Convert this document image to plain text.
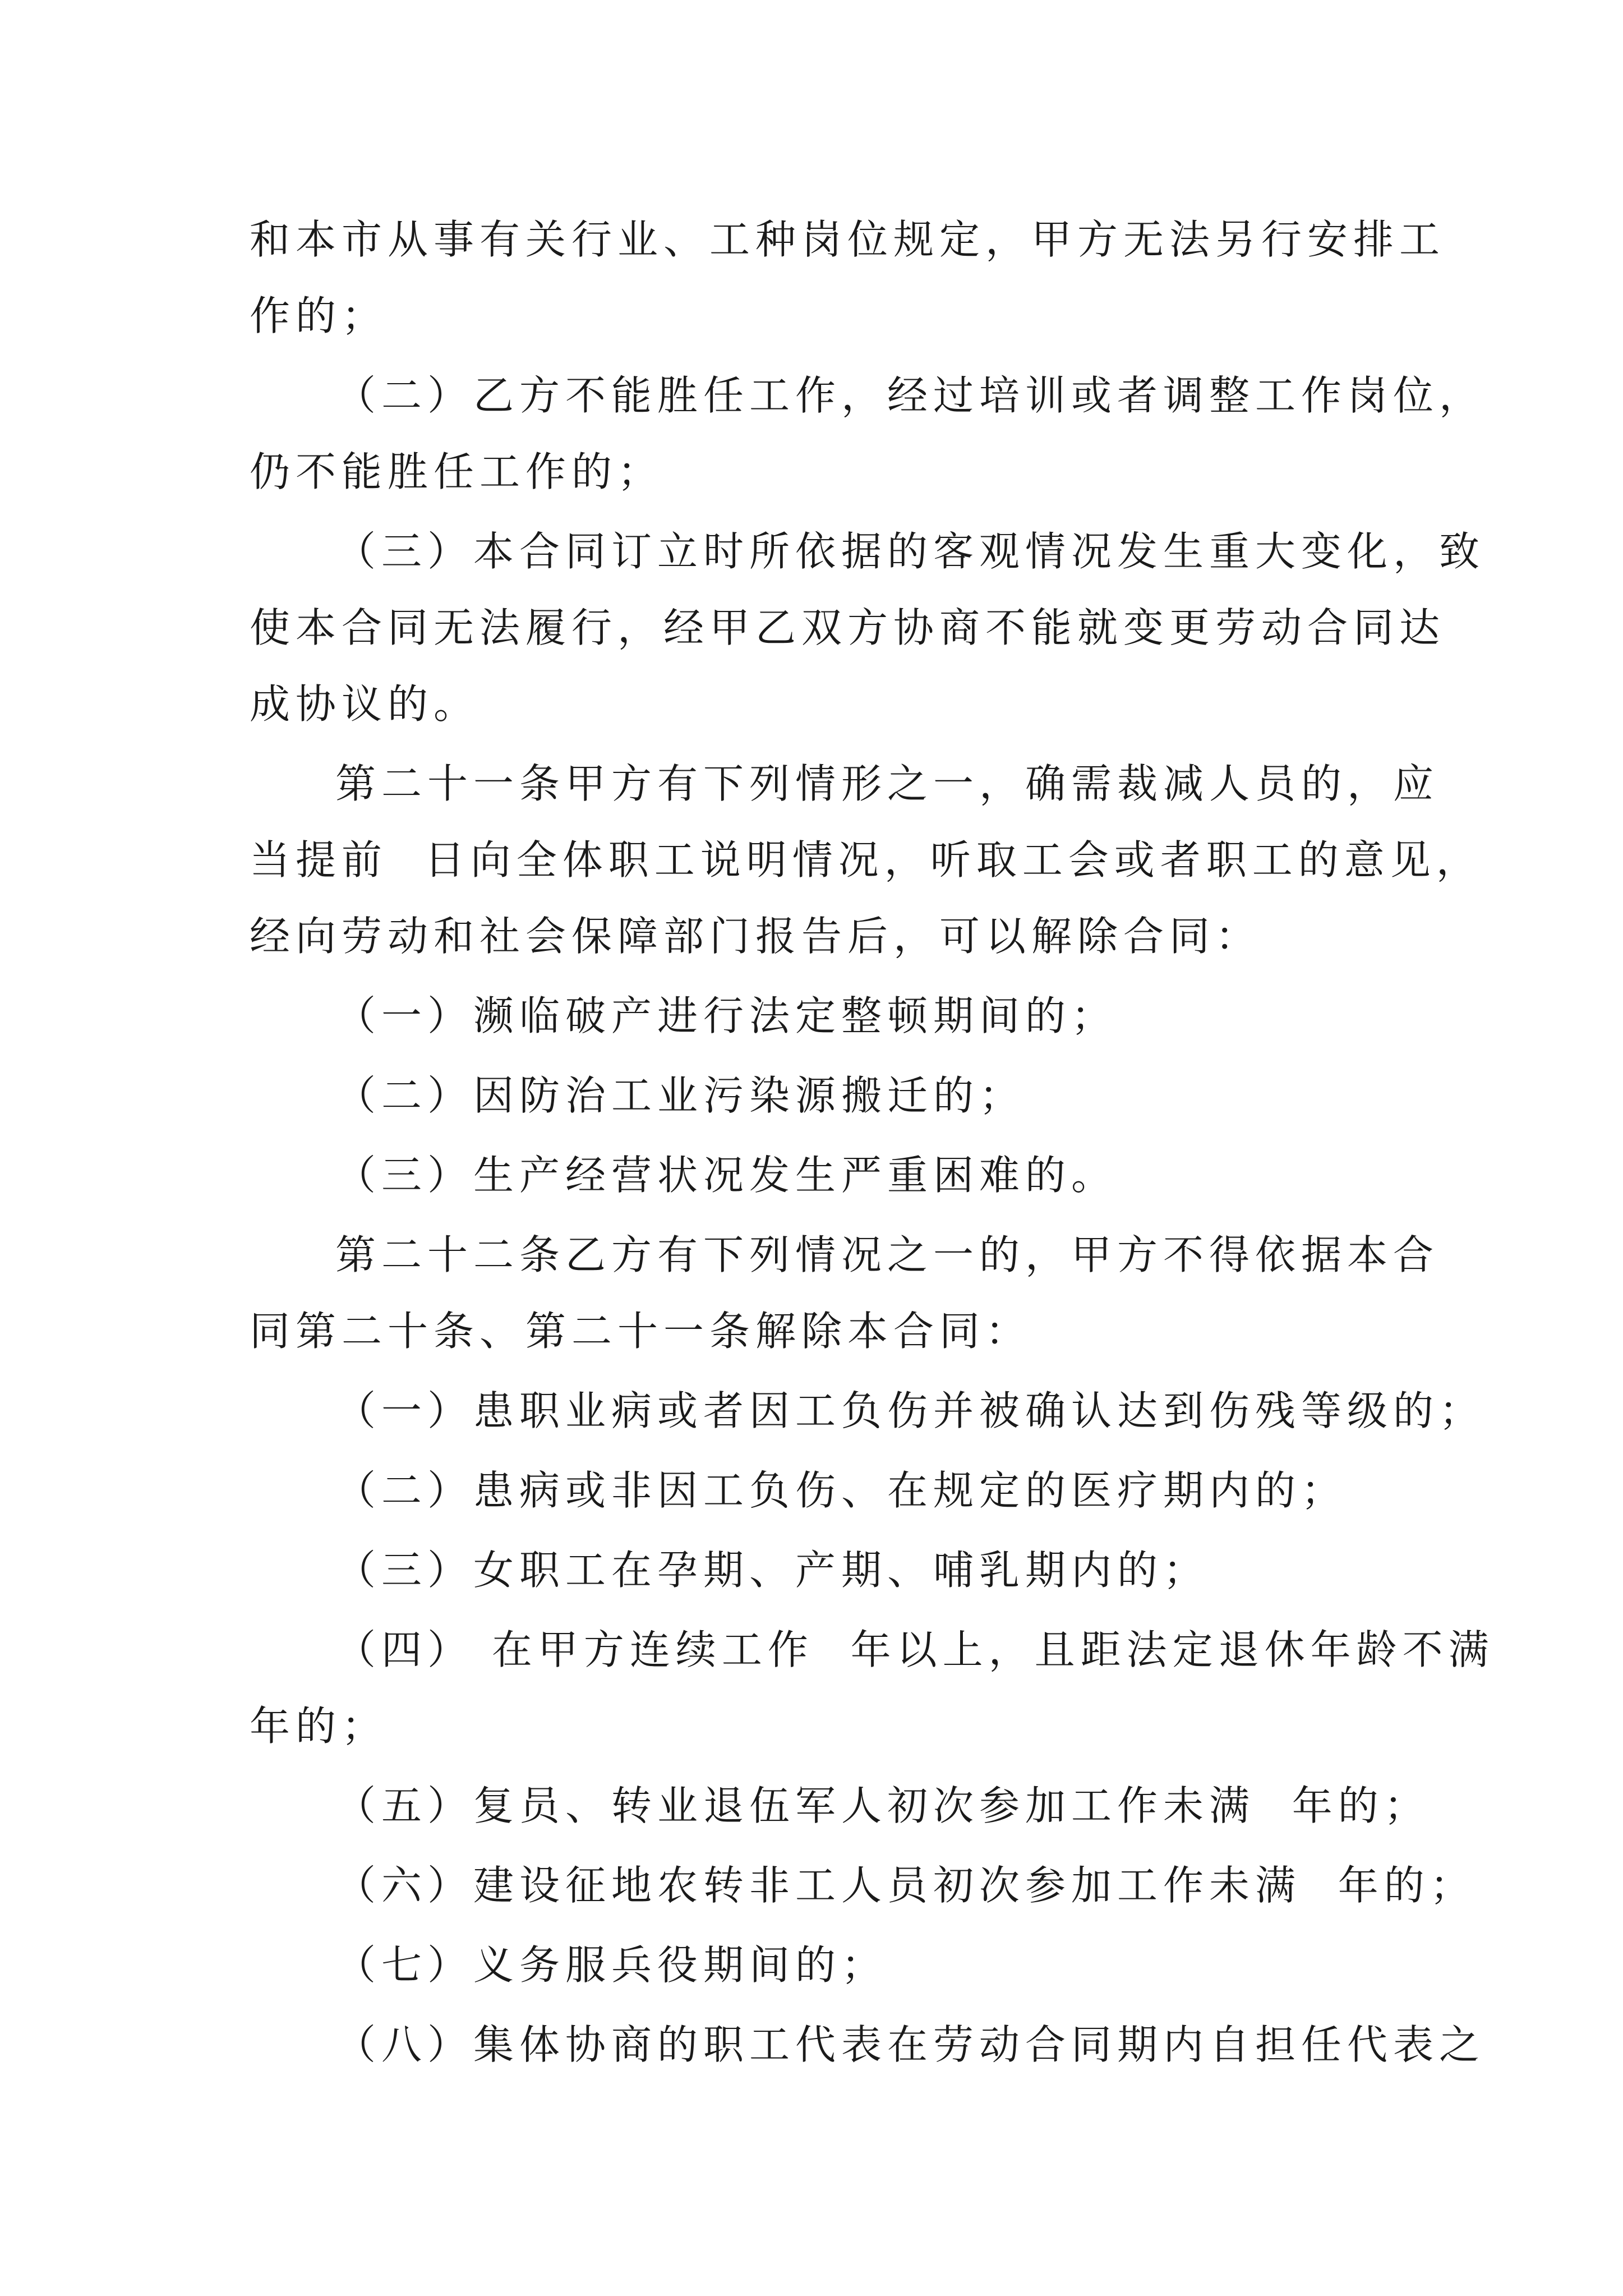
和本市从事有关行业、工种岗位规定，甲方无法另行安排工
作的；
（二）乙方不能胜任工作，经过培训或者调整工作岗位，
仍不能胜任工作的；
（三）本合同订立时所依据的客观情况发生重大变化，致
使本合同无法履行，经甲乙双方协商不能就变更劳动合同达
成协议的。
第二十一条甲方有下列情形之一，确需裁减人员的，应
当提前  日向全体职工说明情况，听取工会或者职工的意见，
经向劳动和社会保障部门报告后，可以解除合同：
（一）濒临破产进行法定整顿期间的；
（二）因防治工业污染源搬迁的；
（三）生产经营状况发生严重困难的。
第二十二条乙方有下列情况之一的，甲方不得依据本合
同第二十条、第二十一条解除本合同：
（一）患职业病或者因工负伤并被确认达到伤残等级的；
（二）患病或非因工负伤、在规定的医疗期内的；
（三）女职工在孕期、产期、哺乳期内的；
（四） 在甲方连续工作  年以上，且距法定退休年龄不满
年的；
（五）复员、转业退伍军人初次参加工作未满  年的；
（六）建设征地农转非工人员初次参加工作未满  年的；
（七）义务服兵役期间的；
（八）集体协商的职工代表在劳动合同期内自担任代表之
